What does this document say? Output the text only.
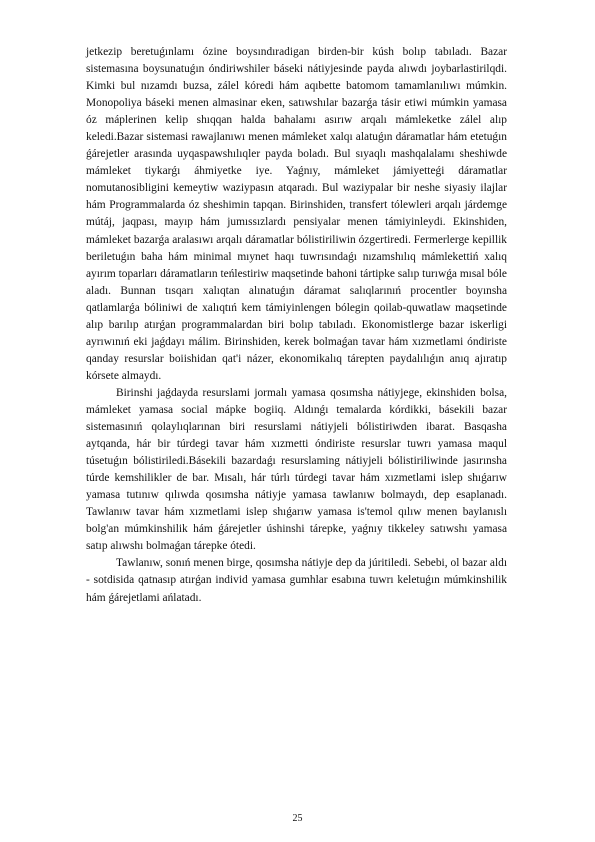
jetkezip beretuǵınlamı ózine boysındıradigan birden-bir kúsh bolıp tabıladı. Bazar sistemasına boysunatuǵın óndiriwshiler báseki nátiyjesinde payda alıwdı joybarlastirilqdi. Kimki bul nızamdı buzsa, zálel kóredi hám aqıbette batomom tamamlanılıwı múmkin. Monopoliya báseki menen almasinar eken, satıwshılar bazarǵa tásir etiwi múmkin yamasa óz máplerinen kelip shıqqan halda bahalamı asırıw arqalı mámleketke zálel alıp keledi.Bazar sistemasi rawajlanıwı menen mámleket xalqı alatuǵın dáramatlar hám etetuǵın ǵárejetler arasında uyqaspawshılıqler payda boladı. Bul sıyaqlı mashqalalamı sheshiwde mámleket tiykarǵı áhmiyetke iye. Yaǵnıy, mámleket jámiyetteǵi dáramatlar nomutanosibligini kemeytiw waziypasın atqaradı. Bul waziypalar bir neshe siyasiy ilajlar hám Programmalarda óz sheshimin tapqan. Birinshiden, transfert tólewleri arqalı járdemge mútáj, jaqpası, mayıp hám jumıssızlardı pensiyalar menen támiyinleydi. Ekinshiden, mámleket bazarǵa aralasıwı arqalı dáramatlar bólistiriliwin ózgertiredi. Fermerlerge kepillik beriletuǵın baha hám minimal mıynet haqı tuwrısındaǵı nızamshılıq mámlekettiń xalıq ayırım toparları dáramatların teńlestiriw maqsetinde bahoni tártipke salıp turıwǵa mısal bóle aladı. Bunnan tısqarı xalıqtan alınatuǵın dáramat salıqlarınıń procentler boyınsha qatlamlarǵa bóliniwi de xalıqtıń kem támiyinlengen bólegin qoilab-quwatlaw maqsetinde alıp barılıp atırǵan programmalardan biri bolıp tabıladı. Ekonomistlerge bazar iskerligi ayrıwınıń eki jaǵdayı málim. Birinshiden, kerek bolmaǵan tavar hám xızmetlami óndiriste qanday resurslar boiishidan qat'i názer, ekonomikalıq tárepten paydalılıǵın anıq ajıratıp kórsete almaydı.

Birinshi jaǵdayda resurslami jormalı yamasa qosımsha nátiyjege, ekinshiden bolsa, mámleket yamasa social mápke bogiiq. Aldınǵı temalarda kórdikki, básekili bazar sistemasınıń qolaylıqlarınan biri resurslami nátiyjeli bólistiriwden ibarat. Basqasha aytqanda, hár bir túrdegi tavar hám xızmetti óndiriste resurslar tuwrı yamasa maqul túsetuǵın bólistiriledi.Básekili bazardaǵı resurslaming nátiyjeli bólistiriliwinde jasırınsha túrde kemshilikler de bar. Mısalı, hár túrlı túrdegi tavar hám xızmetlami islep shıǵarıw yamasa tutınıw qılıwda qosımsha nátiyje yamasa tawlanıw bolmaydı, dep esaplanadı. Tawlanıw tavar hám xızmetlami islep shıǵarıw yamasa is'temol qılıw menen baylanıslı bolg'an múmkinshilik hám ǵárejetler úshinshi tárepke, yaǵnıy tikkeley satıwshı yamasa satıp alıwshı bolmaǵan tárepke ótedi.

Tawlanıw, sonıń menen birge, qosımsha nátiyje dep da júritiledi. Sebebi, ol bazar aldı - sotdisida qatnasıp atırǵan individ yamasa gumhlar esabına tuwrı keletuǵın múmkinshilik hám ǵárejetlami ańlatadı.

25
